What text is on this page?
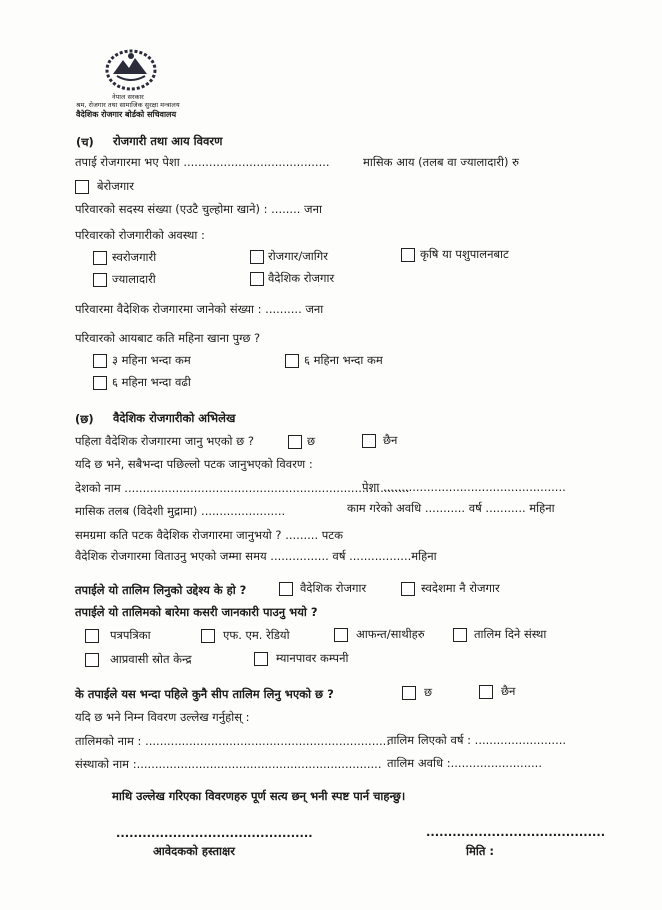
नेपाल सरकार
श्रम, रोजगार तथा सामाजिक सुरक्षा मन्त्रालय
वैदेशिक रोजगार बोर्डको सचिवालय
(च) रोजगारी तथा आय विवरण
तपाई रोजगारमा भए पेशा ........................................	मासिक आय (तलब वा ज्यालादारी) रु
बेरोजगार
परिवारको सदस्य संख्या (एउटै चुल्होमा खाने) : ........ जना
परिवारको रोजगारीको अवस्था :
स्वरोजगारी	रोजगार/जागिर	कृषि या पशुपालनबाट
ज्यालादारी	वैदेशिक रोजगार
परिवारमा वैदेशिक रोजगारमा जानेको संख्या : .......... जना
परिवारको आयबाट कति महिना खाना पुग्छ ?
३ महिना भन्दा कम	६ महिना भन्दा कम
६ महिना भन्दा वढी
(छ) वैदेशिक रोजगारीको अभिलेख
पहिला वैदेशिक रोजगारमा जानु भएको छ ?	छ	छैन
यदि छ भने, सबैभन्दा पछिल्लो पटक जानुभएको विवरण :
देशको नाम ..............................................................................
पेशा ..................................................
मासिक तलब (विदेशी मुद्रामा) .......................	काम गरेको अवधि ........... वर्ष ........... महिना
समग्रमा कति पटक वैदेशिक रोजगारमा जानुभयो ? ......... पटक
वैदेशिक रोजगारमा विताउनु भएको जम्मा समय ................ वर्ष .................महिना
तपाईले यो तालिम लिनुको उद्देश्य के हो ?	वैदेशिक रोजगार	स्वदेशमा नै रोजगार
तपाईले यो तालिमको बारेमा कसरी जानकारी पाउनु भयो ?
पत्रपत्रिका	एफ. एम. रेडियो	आफन्त/साथीहरु	तालिम दिने संस्था
आप्रवासी स्रोत केन्द्र	म्यानपावर कम्पनी
के तपाईले यस भन्दा पहिले कुनै सीप तालिम लिनु भएको छ ?	छ	छैन
यदि छ भने निम्न विवरण उल्लेख गर्नुहोस् :
तालिमको नाम : ...................................................................
तालिम लिएको वर्ष : .........................
संस्थाको नाम :................................................................... तालिम अवधि :.........................
माथि उल्लेख गरिएका विवरणहरु पूर्ण सत्य छन् भनी स्पष्ट पार्न चाहन्छु।
.............................................	.........................................
आवेदकको हस्ताक्षर	मिति :
